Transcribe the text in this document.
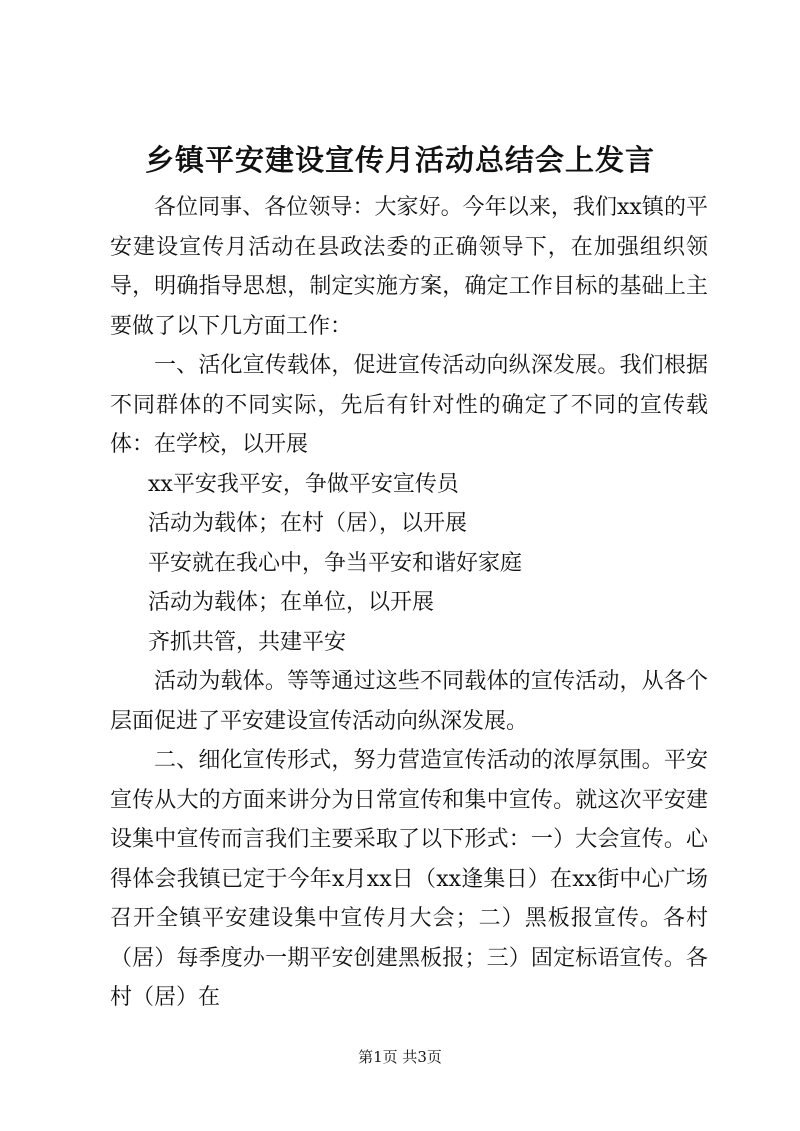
乡镇平安建设宣传月活动总结会上发言

各位同事、各位领导：大家好。今年以来，我们xx镇的平安建设宣传月活动在县政法委的正确领导下，在加强组织领导，明确指导思想，制定实施方案，确定工作目标的基础上主要做了以下几方面工作：

一、活化宣传载体，促进宣传活动向纵深发展。我们根据不同群体的不同实际，先后有针对性的确定了不同的宣传载体：在学校，以开展

xx平安我平安，争做平安宣传员

活动为载体；在村（居），以开展

平安就在我心中，争当平安和谐好家庭

活动为载体；在单位，以开展

齐抓共管，共建平安

活动为载体。等等通过这些不同载体的宣传活动，从各个层面促进了平安建设宣传活动向纵深发展。

二、细化宣传形式，努力营造宣传活动的浓厚氛围。平安宣传从大的方面来讲分为日常宣传和集中宣传。就这次平安建设集中宣传而言我们主要采取了以下形式：一）大会宣传。心得体会我镇已定于今年x月xx日（xx逢集日）在xx街中心广场召开全镇平安建设集中宣传月大会；二）黑板报宣传。各村（居）每季度办一期平安创建黑板报；三）固定标语宣传。各村（居）在

第1页 共3页
